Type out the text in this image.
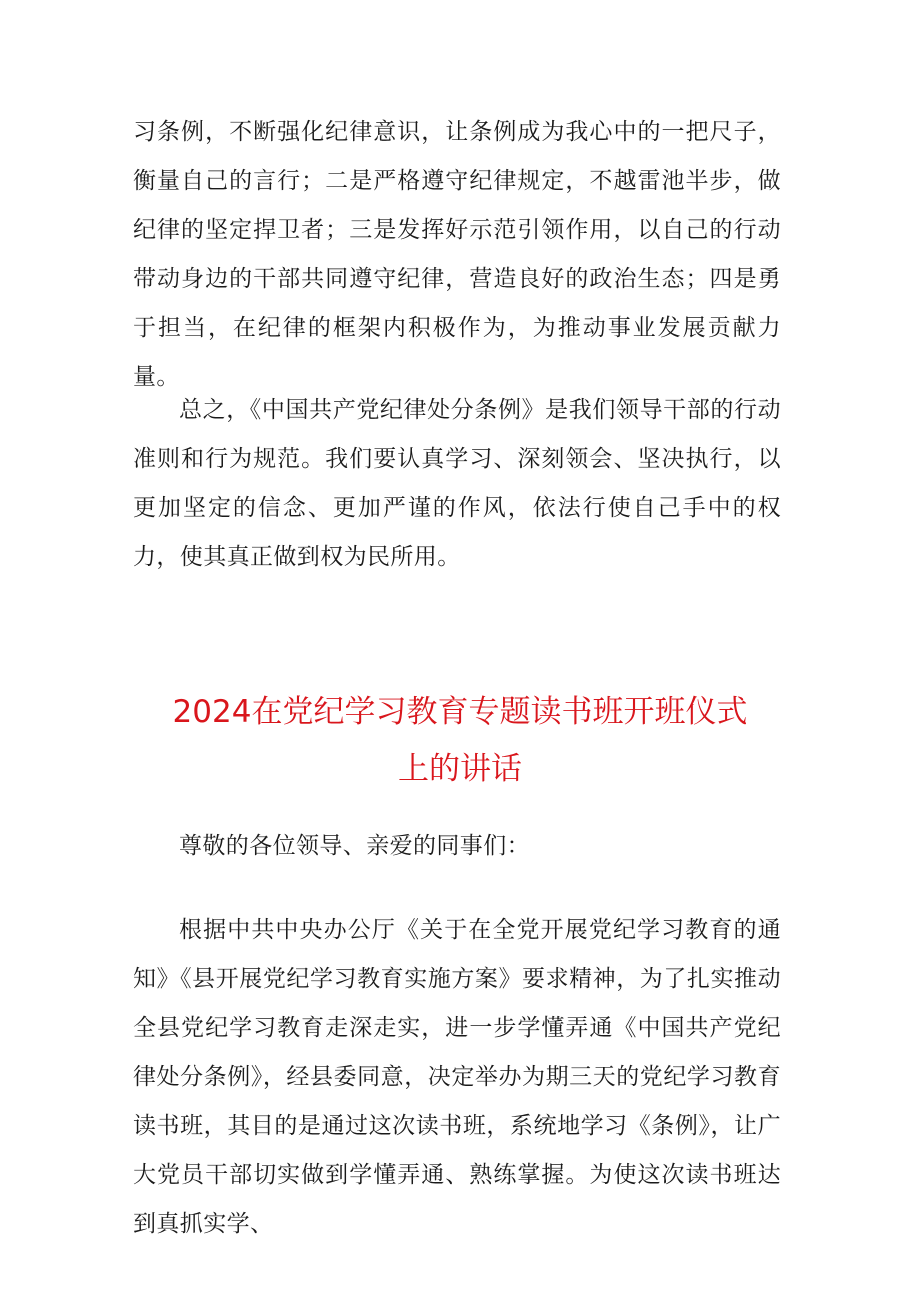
习条例，不断强化纪律意识，让条例成为我心中的一把尺子，衡量自己的言行；二是严格遵守纪律规定，不越雷池半步，做纪律的坚定捍卫者；三是发挥好示范引领作用，以自己的行动带动身边的干部共同遵守纪律，营造良好的政治生态；四是勇于担当，在纪律的框架内积极作为，为推动事业发展贡献力量。

总之，《中国共产党纪律处分条例》是我们领导干部的行动准则和行为规范。我们要认真学习、深刻领会、坚决执行，以更加坚定的信念、更加严谨的作风，依法行使自己手中的权力，使其真正做到权为民所用。

2024在党纪学习教育专题读书班开班仪式
上的讲话

尊敬的各位领导、亲爱的同事们：

根据中共中央办公厅《关于在全党开展党纪学习教育的通知》《县开展党纪学习教育实施方案》要求精神，为了扎实推动全县党纪学习教育走深走实，进一步学懂弄通《中国共产党纪律处分条例》，经县委同意，决定举办为期三天的党纪学习教育读书班，其目的是通过这次读书班，系统地学习《条例》，让广大党员干部切实做到学懂弄通、熟练掌握。为使这次读书班达到真抓实学、
